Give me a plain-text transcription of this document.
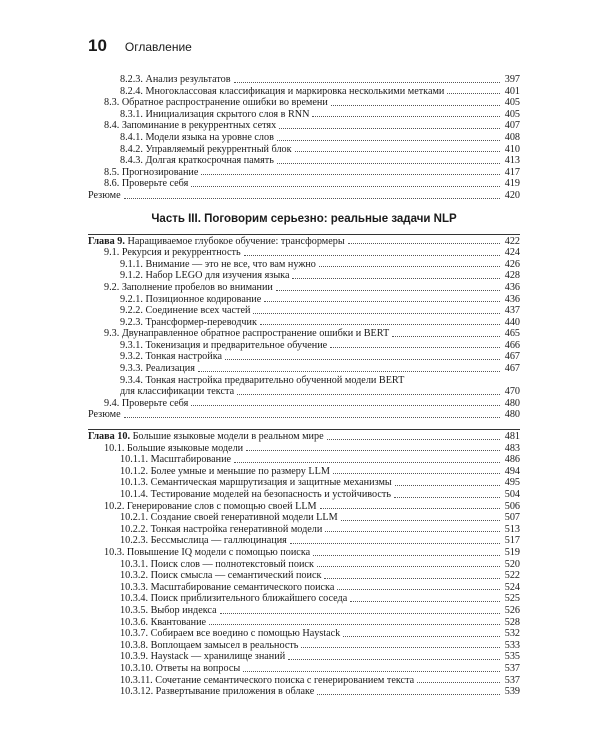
10 Оглавление
8.2.3. Анализ результатов	397
8.2.4. Многоклассовая классификация и маркировка несколькими метками	401
8.3. Обратное распространение ошибки во времени	405
8.3.1. Инициализация скрытого слоя в RNN	405
8.4. Запоминание в рекуррентных сетях	407
8.4.1. Модели языка на уровне слов	408
8.4.2. Управляемый рекуррентный блок	410
8.4.3. Долгая краткосрочная память	413
8.5. Прогнозирование	417
8.6. Проверьте себя	419
Резюме	420
Часть III. Поговорим серьезно: реальные задачи NLP
Глава 9. Наращиваемое глубокое обучение: трансформеры	422
9.1. Рекурсия и рекуррентность	424
9.1.1. Внимание — это не все, что вам нужно	426
9.1.2. Набор LEGO для изучения языка	428
9.2. Заполнение пробелов во внимании	436
9.2.1. Позиционное кодирование	436
9.2.2. Соединение всех частей	437
9.2.3. Трансформер-переводчик	440
9.3. Двунаправленное обратное распространение ошибки и BERT	465
9.3.1. Токенизация и предварительное обучение	466
9.3.2. Тонкая настройка	467
9.3.3. Реализация	467
9.3.4. Тонкая настройка предварительно обученной модели BERT
для классификации текста	470
9.4. Проверьте себя	480
Резюме	480
Глава 10. Большие языковые модели в реальном мире	481
10.1. Большие языковые модели	483
10.1.1. Масштабирование	486
10.1.2. Более умные и меньшие по размеру LLM	494
10.1.3. Семантическая маршрутизация и защитные механизмы	495
10.1.4. Тестирование моделей на безопасность и устойчивость	504
10.2. Генерирование слов с помощью своей LLM	506
10.2.1. Создание своей генеративной модели LLM	507
10.2.2. Тонкая настройка генеративной модели	513
10.2.3. Бессмыслица — галлюцинация	517
10.3. Повышение IQ модели с помощью поиска	519
10.3.1. Поиск слов — полнотекстовый поиск	520
10.3.2. Поиск смысла — семантический поиск	522
10.3.3. Масштабирование семантического поиска	524
10.3.4. Поиск приблизительного ближайшего соседа	525
10.3.5. Выбор индекса	526
10.3.6. Квантование	528
10.3.7. Собираем все воедино с помощью Haystack	532
10.3.8. Воплощаем замысел в реальность	533
10.3.9. Haystack — хранилище знаний	535
10.3.10. Ответы на вопросы	537
10.3.11. Сочетание семантического поиска с генерированием текста	537
10.3.12. Развертывание приложения в облаке	539
